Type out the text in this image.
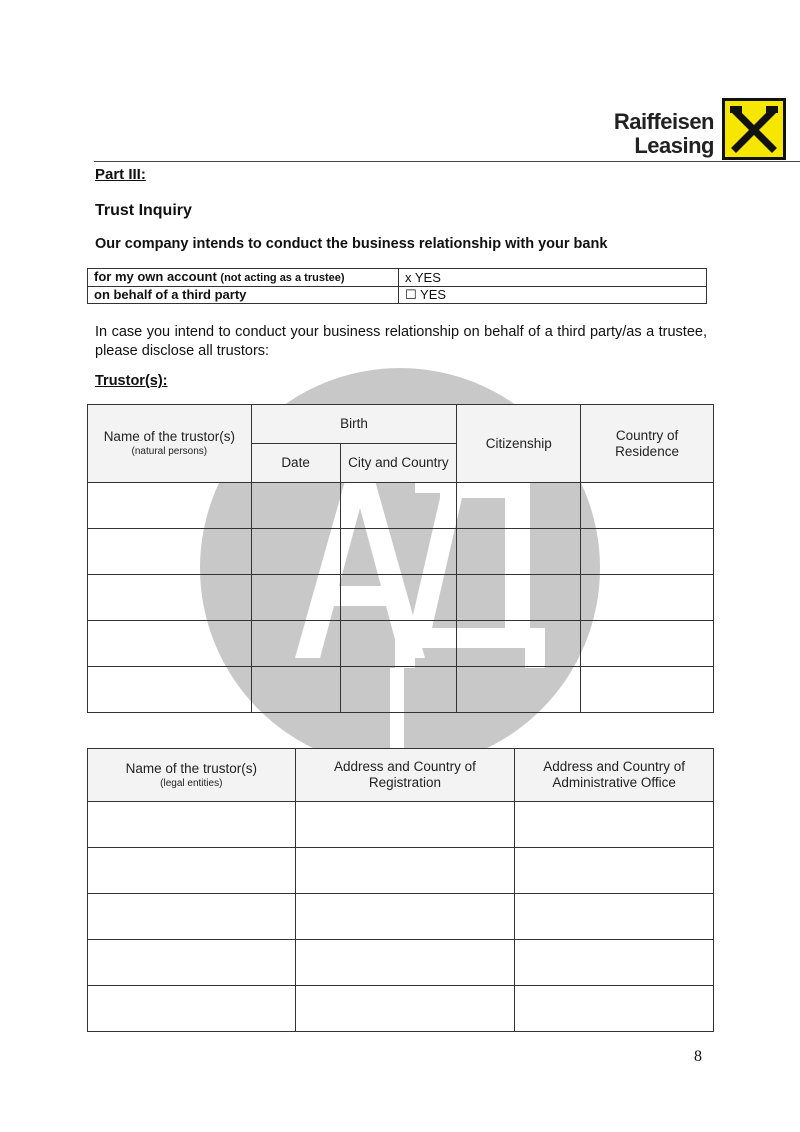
Raiffeisen
Leasing
Part III:
Trust Inquiry
Our company intends to conduct the business relationship with your bank
for my own account (not acting as a trustee)	x YES
on behalf of a third party	☐ YES
In case you intend to conduct your business relationship on behalf of a third party/as a trustee, please disclose all trustors:
Trustor(s):
Name of the trustor(s)
(natural persons)	Birth		Citizenship	Country of Residence
	Date	City and Country		

Name of the trustor(s)
(legal entities)	Address and Country of Registration	Address and Country of Administrative Office

8
